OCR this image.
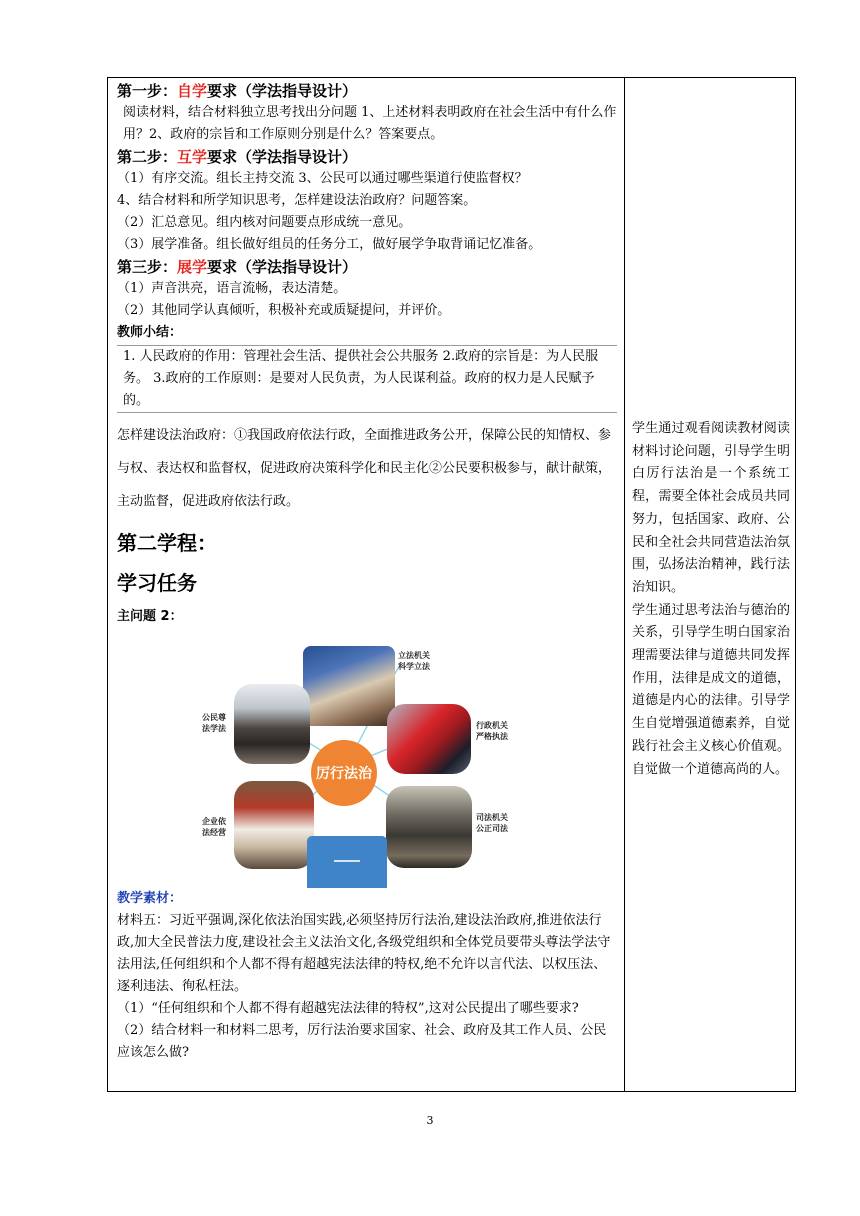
第一步：自学要求（学法指导设计）
阅读材料，结合材料独立思考找出分问题 1、上述材料表明政府在社会生活中有什么作用？2、政府的宗旨和工作原则分别是什么？答案要点。
第二步：互学要求（学法指导设计）
（1）有序交流。组长主持交流 3、公民可以通过哪些渠道行使监督权？
4、结合材料和所学知识思考，怎样建设法治政府？问题答案。
（2）汇总意见。组内核对问题要点形成统一意见。
（3）展学准备。组长做好组员的任务分工，做好展学争取背诵记忆准备。
第三步：展学要求（学法指导设计）
（1）声音洪亮，语言流畅，表达清楚。
（2）其他同学认真倾听，积极补充或质疑提问，并评价。
教师小结：
1. 人民政府的作用：管理社会生活、提供社会公共服务 2.政府的宗旨是：为人民服务。 3.政府的工作原则：是要对人民负责，为人民谋利益。政府的权力是人民赋予的。
怎样建设法治政府：①我国政府依法行政，全面推进政务公开，保障公民的知情权、参与权、表达权和监督权，促进政府决策科学化和民主化②公民要积极参与，献计献策，主动监督，促进政府依法行政。
第二学程：
学习任务
主问题 2：
厉行法治
立法机关
科学立法
行政机关
严格执法
司法机关
公正司法
公民尊
法学法
企业依
法经营
教学素材：
材料五：习近平强调,深化依法治国实践,必须坚持厉行法治,建设法治政府,推进依法行政,加大全民普法力度,建设社会主义法治文化,各级党组织和全体党员要带头尊法学法守法用法,任何组织和个人都不得有超越宪法法律的特权,绝不允许以言代法、以权压法、逐利违法、徇私枉法。
（1）“任何组织和个人都不得有超越宪法法律的特权”,这对公民提出了哪些要求?
（2）结合材料一和材料二思考，厉行法治要求国家、社会、政府及其工作人员、公民应该怎么做?
学生通过观看阅读教材阅读材料讨论问题，引导学生明白厉行法治是一个系统工程，需要全体社会成员共同努力，包括国家、政府、公民和全社会共同营造法治氛围，弘扬法治精神，践行法治知识。
学生通过思考法治与德治的关系，引导学生明白国家治理需要法律与道德共同发挥作用，法律是成文的道德，道德是内心的法律。引导学生自觉增强道德素养，自觉践行社会主义核心价值观。自觉做一个道德高尚的人。
3
